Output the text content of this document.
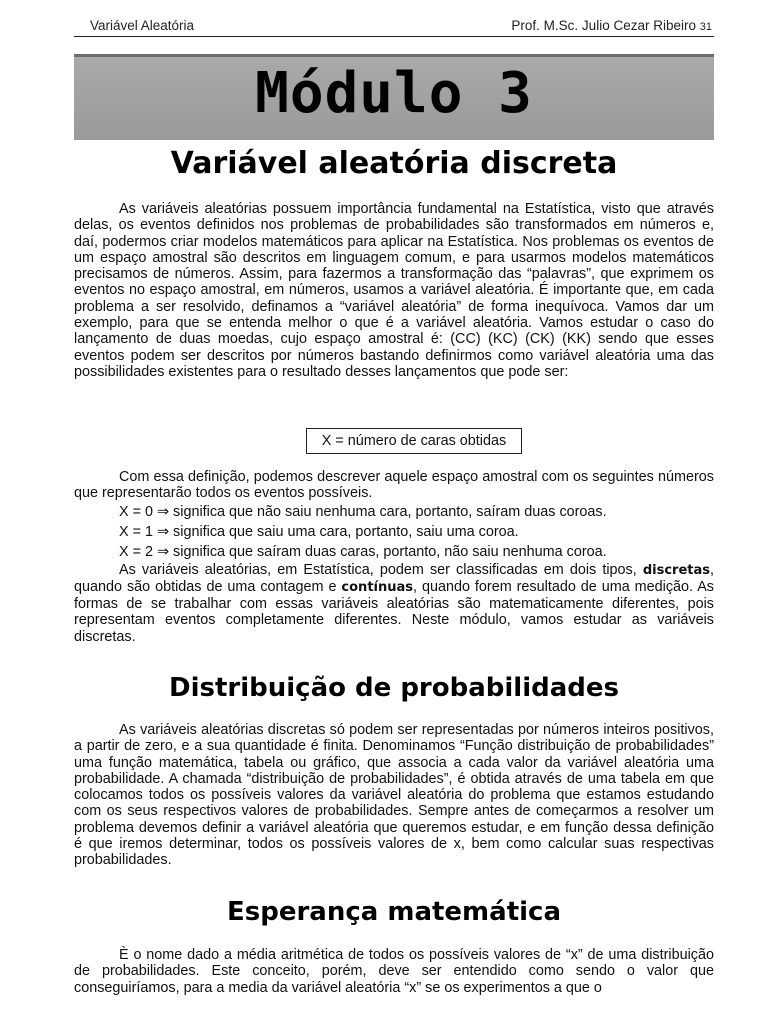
Variável Aleatória	Prof. M.Sc. Julio Cezar Ribeiro 31
Módulo 3
Variável aleatória discreta

As variáveis aleatórias possuem importância fundamental na Estatística, visto que através delas, os eventos definidos nos problemas de probabilidades são transformados em números e, daí, podermos criar modelos matemáticos para aplicar na Estatística. Nos problemas os eventos de um espaço amostral são descritos em linguagem comum, e para usarmos modelos matemáticos precisamos de números. Assim, para fazermos a transformação das “palavras”, que exprimem os eventos no espaço amostral, em números, usamos a variável aleatória. É importante que, em cada problema a ser resolvido, definamos a “variável aleatória” de forma inequívoca. Vamos dar um exemplo, para que se entenda melhor o que é a variável aleatória. Vamos estudar o caso do lançamento de duas moedas, cujo espaço amostral é: (CC) (KC) (CK) (KK) sendo que esses eventos podem ser descritos por números bastando definirmos como variável aleatória uma das possibilidades existentes para o resultado desses lançamentos que pode ser:

X = número de caras obtidas

Com essa definição, podemos descrever aquele espaço amostral com os seguintes números que representarão todos os eventos possíveis.

X = 0 ⇒ significa que não saiu nenhuma cara, portanto, saíram duas coroas.
X = 1 ⇒ significa que saiu uma cara, portanto, saiu uma coroa.
X = 2 ⇒ significa que saíram duas caras, portanto, não saiu nenhuma coroa.

As variáveis aleatórias, em Estatística, podem ser classificadas em dois tipos, discretas, quando são obtidas de uma contagem e contínuas, quando forem resultado de uma medição. As formas de se trabalhar com essas variáveis aleatórias são matematicamente diferentes, pois representam eventos completamente diferentes. Neste módulo, vamos estudar as variáveis discretas.

Distribuição de probabilidades

As variáveis aleatórias discretas só podem ser representadas por números inteiros positivos, a partir de zero, e a sua quantidade é finita. Denominamos “Função distribuição de probabilidades” uma função matemática, tabela ou gráfico, que associa a cada valor da variável aleatória uma probabilidade. A chamada “distribuição de probabilidades”, é obtida através de uma tabela em que colocamos todos os possíveis valores da variável aleatória do problema que estamos estudando com os seus respectivos valores de probabilidades. Sempre antes de começarmos a resolver um problema devemos definir a variável aleatória que queremos estudar, e em função dessa definição é que iremos determinar, todos os possíveis valores de x, bem como calcular suas respectivas probabilidades.

Esperança matemática

È o nome dado a média aritmética de todos os possíveis valores de “x” de uma distribuição de probabilidades. Este conceito, porém, deve ser entendido como sendo o valor que conseguiríamos, para a media da variável aleatória “x” se os experimentos a que o
